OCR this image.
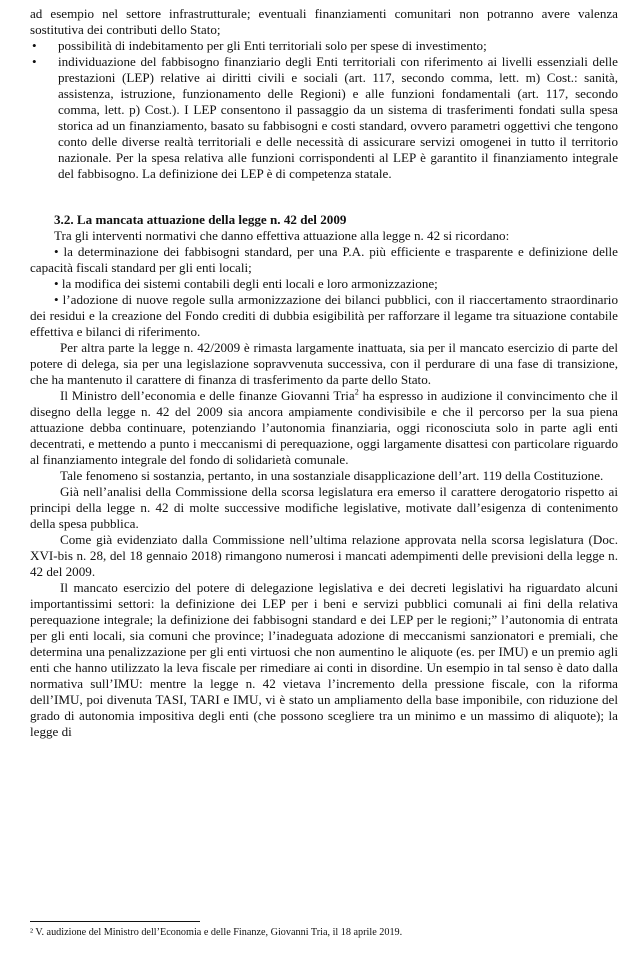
ad esempio nel settore infrastrutturale; eventuali finanziamenti comunitari non potranno avere valenza sostitutiva dei contributi dello Stato;

• possibilità di indebitamento per gli Enti territoriali solo per spese di investimento;
• individuazione del fabbisogno finanziario degli Enti territoriali con riferimento ai livelli essenziali delle prestazioni (LEP) relative ai diritti civili e sociali (art. 117, secondo comma, lett. m) Cost.: sanità, assistenza, istruzione, funzionamento delle Regioni) e alle funzioni fondamentali (art. 117, secondo comma, lett. p) Cost.). I LEP consentono il passaggio da un sistema di trasferimenti fondati sulla spesa storica ad un finanziamento, basato su fabbisogni e costi standard, ovvero parametri oggettivi che tengono conto delle diverse realtà territoriali e delle necessità di assicurare servizi omogenei in tutto il territorio nazionale. Per la spesa relativa alle funzioni corrispondenti al LEP è garantito il finanziamento integrale del fabbisogno. La definizione dei LEP è di competenza statale.
3.2. La mancata attuazione della legge n. 42 del 2009

Tra gli interventi normativi che danno effettiva attuazione alla legge n. 42 si ricordano:

• la determinazione dei fabbisogni standard, per una P.A. più efficiente e trasparente e definizione delle capacità fiscali standard per gli enti locali;

• la modifica dei sistemi contabili degli enti locali e loro armonizzazione;

• l’adozione di nuove regole sulla armonizzazione dei bilanci pubblici, con il riaccertamento straordinario dei residui e la creazione del Fondo crediti di dubbia esigibilità per rafforzare il legame tra situazione contabile effettiva e bilanci di riferimento.

Per altra parte la legge n. 42/2009 è rimasta largamente inattuata, sia per il mancato esercizio di parte del potere di delega, sia per una legislazione sopravvenuta successiva, con il perdurare di una fase di transizione, che ha mantenuto il carattere di finanza di trasferimento da parte dello Stato.

Il Ministro dell’economia e delle finanze Giovanni Tria$^2$ ha espresso in audizione il convincimento che il disegno della legge n. 42 del 2009 sia ancora ampiamente condivisibile e che il percorso per la sua piena attuazione debba continuare, potenziando l’autonomia finanziaria, oggi riconosciuta solo in parte agli enti decentrati, e mettendo a punto i meccanismi di perequazione, oggi largamente disattesi con particolare riguardo al finanziamento integrale del fondo di solidarietà comunale.

Tale fenomeno si sostanzia, pertanto, in una sostanziale disapplicazione dell’art. 119 della Costituzione.

Già nell’analisi della Commissione della scorsa legislatura era emerso il carattere derogatorio rispetto ai principi della legge n. 42 di molte successive modifiche legislative, motivate dall’esigenza di contenimento della spesa pubblica.

Come già evidenziato dalla Commissione nell’ultima relazione approvata nella scorsa legislatura (Doc. XVI-bis n. 28, del 18 gennaio 2018) rimangono numerosi i mancati adempimenti delle previsioni della legge n. 42 del 2009.

Il mancato esercizio del potere di delegazione legislativa e dei decreti legislativi ha riguardato alcuni importantissimi settori: la definizione dei LEP per i beni e servizi pubblici comunali ai fini della relativa perequazione integrale; la definizione dei fabbisogni standard e dei LEP per le regioni;” l’autonomia di entrata per gli enti locali, sia comuni che province; l’inadeguata adozione di meccanismi sanzionatori e premiali, che determina una penalizzazione per gli enti virtuosi che non aumentino le aliquote (es. per IMU) e un premio agli enti che hanno utilizzato la leva fiscale per rimediare ai conti in disordine. Un esempio in tal senso è dato dalla normativa sull’IMU: mentre la legge n. 42 vietava l’incremento della pressione fiscale, con la riforma dell’IMU, poi divenuta TASI, TARI e IMU, vi è stato un ampliamento della base imponibile, con riduzione del grado di autonomia impositiva degli enti (che possono scegliere tra un minimo e un massimo di aliquote); la legge di

² V. audizione del Ministro dell’Economia e delle Finanze, Giovanni Tria, il 18 aprile 2019.
